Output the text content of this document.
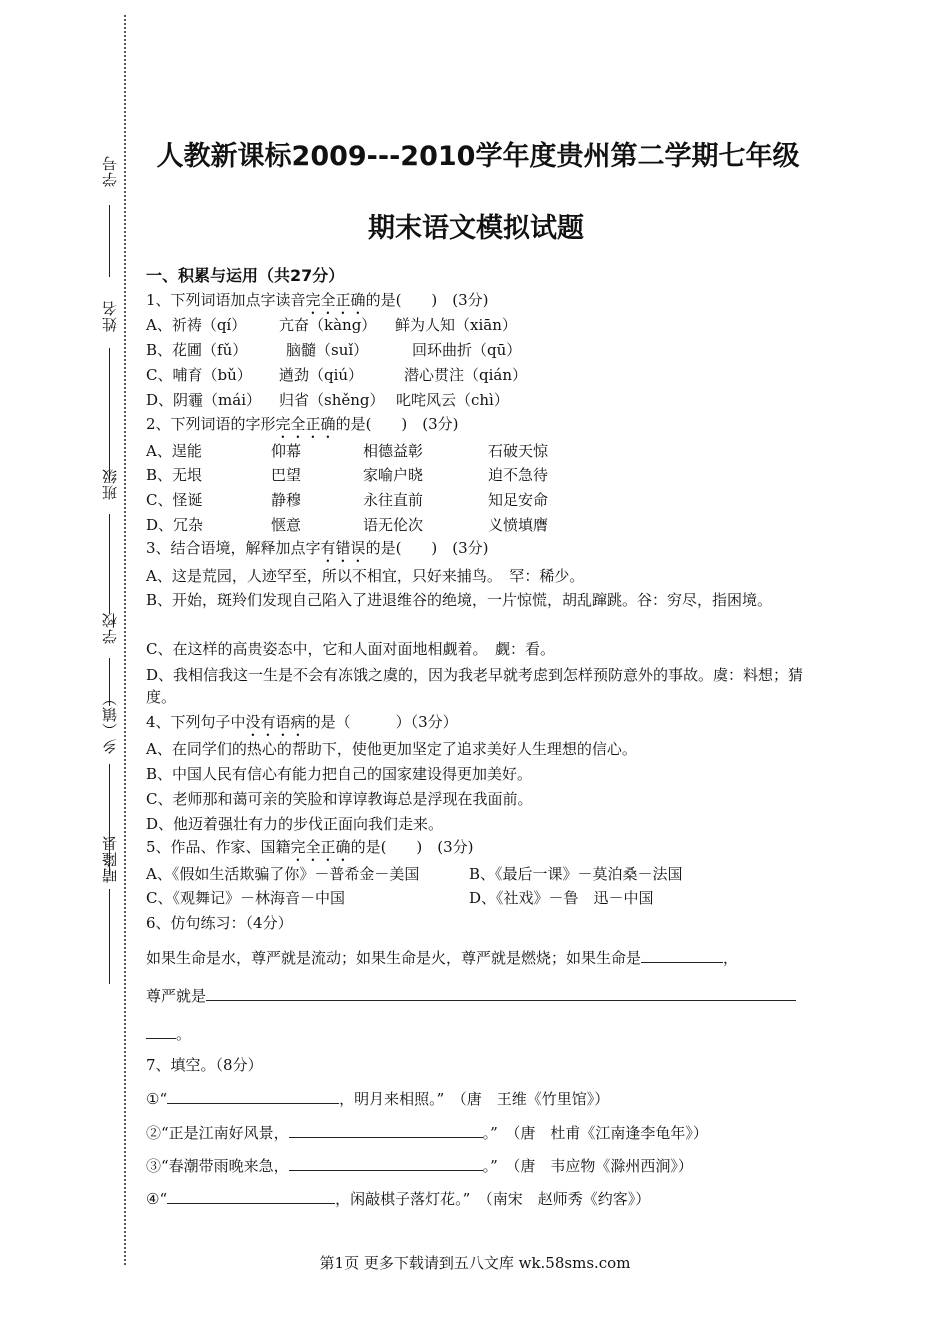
学号
姓名
班级
学校
乡（镇）
晴隆县
人教新课标2009---2010学年度贵州第二学期七年级
期末语文模拟试题
一、积累与运用（共27分）
1、下列词语加点字读音完全正确的是(　　)　(3分)
A、祈祷（qí） 亢奋（kàng） 鲜为人知（xiān）
B、花圃（fǔ）	脑髓（suǐ）	回环曲折（qū）
C、哺育（bǔ） 遒劲（qiú）	潜心贯注（qián）
D、阴霾（mái） 归省（shěng） 叱咤风云（chì）
2、下列词语的字形完全正确的是(　　)　(3分)
A、逞能	仰幕	相德益彰	石破天惊
B、无垠	巴望	家喻户晓	迫不急待
C、怪诞	静穆	永往直前	知足安命
D、冗杂	惬意	语无伦次	义愤填膺
3、结合语境，解释加点字有错误的是(　　)　(3分)
A、这是荒园，人迹罕至，所以不相宜，只好来捕鸟。　罕：稀少。
B、开始，斑羚们发现自己陷入了进退维谷的绝境，一片惊慌，胡乱蹿跳。谷：穷尽，指困境。
C、在这样的高贵姿态中，它和人面对面地相觑着。　觑：看。
D、我相信我这一生是不会有冻饿之虞的，因为我老早就考虑到怎样预防意外的事故。虞：料想；猜度。
4、下列句子中没有语病的是（　　　）（3分）
A、在同学们的热心的帮助下，使他更加坚定了追求美好人生理想的信心。
B、中国人民有信心有能力把自己的国家建设得更加美好。
C、老师那和蔼可亲的笑脸和谆谆教诲总是浮现在我面前。
D、他迈着强壮有力的步伐正面向我们走来。
5、作品、作家、国籍完全正确的是(　　)　(3分)
A、《假如生活欺骗了你》－普希金－美国	B、《最后一课》－莫泊桑－法国
C、《观舞记》－林海音－中国	D、《社戏》－鲁　迅－中国
6、仿句练习：（4分）
如果生命是水，尊严就是流动；如果生命是火，尊严就是燃烧；如果生命是	，
尊严就是
。
7、填空。（8分）
①“	，明月来相照。”　（唐　王维《竹里馆》）
②“正是江南好风景，	。”　（唐　杜甫《江南逢李龟年》）
③“春潮带雨晚来急，	。”　（唐　韦应物《滁州西涧》）
④“	，闲敲棋子落灯花。”　（南宋　赵师秀《约客》）
第1页 更多下载请到五八文库 wk.58sms.com
